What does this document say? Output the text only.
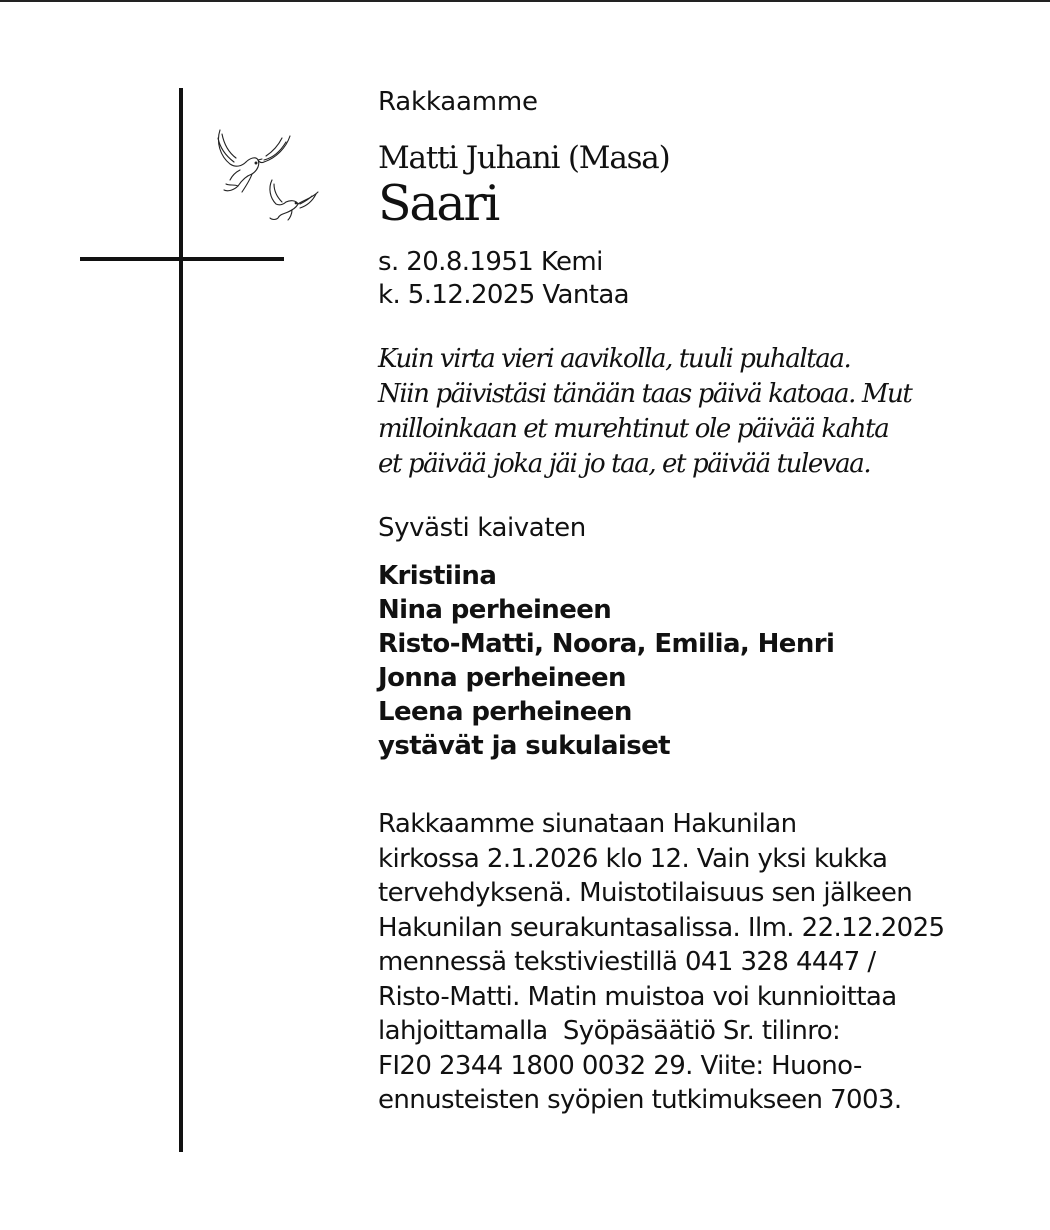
Rakkaamme

Matti Juhani (Masa)

Saari

s. 20.8.1951 Kemi
k. 5.12.2025 Vantaa
Kuin virta vieri aavikolla, tuuli puhaltaa.
Niin päivistäsi tänään taas päivä katoaa. Mut
milloinkaan et murehtinut ole päivää kahta
et päivää joka jäi jo taa, et päivää tulevaa.

Syvästi kaivaten

Kristiina
Nina perheineen
Risto-Matti, Noora, Emilia, Henri
Jonna perheineen
Leena perheineen
ystävät ja sukulaiset
Rakkaamme siunataan Hakunilan
kirkossa 2.1.2026 klo 12. Vain yksi kukka
tervehdyksenä. Muistotilaisuus sen jälkeen
Hakunilan seurakuntasalissa. Ilm. 22.12.2025
mennessä tekstiviestillä 041 328 4447 /
Risto-Matti. Matin muistoa voi kunnioittaa
lahjoittamalla  Syöpäsäätiö Sr. tilinro:
FI20 2344 1800 0032 29. Viite: Huono-
ennusteisten syöpien tutkimukseen 7003.
